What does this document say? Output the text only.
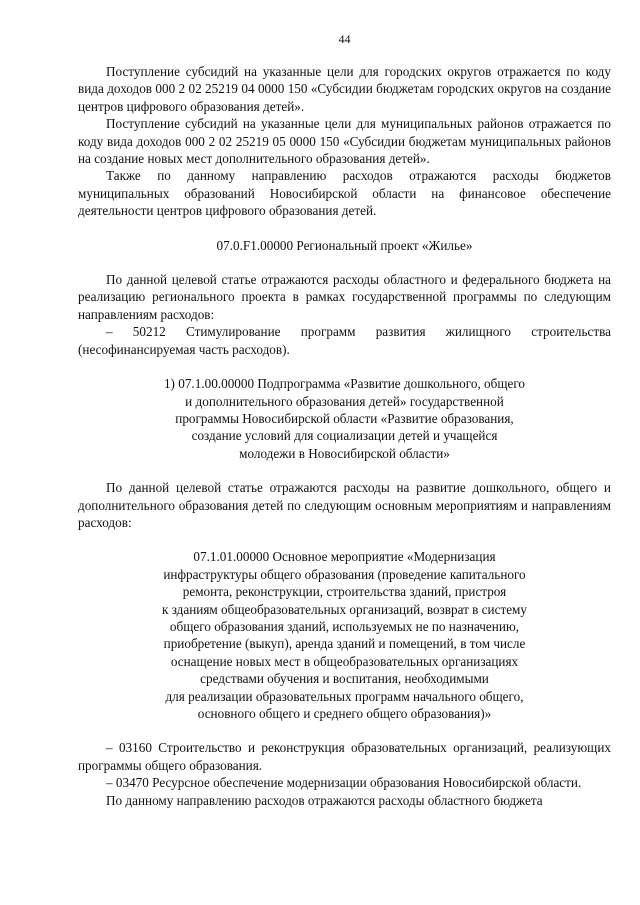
44

Поступление субсидий на указанные цели для городских округов отражается по коду вида доходов 000 2 02 25219 04 0000 150 «Субсидии бюджетам городских округов на создание центров цифрового образования детей».

Поступление субсидий на указанные цели для муниципальных районов отражается по коду вида доходов 000 2 02 25219 05 0000 150 «Субсидии бюджетам муниципальных районов на создание новых мест дополнительного образования детей».

Также по данному направлению расходов отражаются расходы бюджетов муниципальных образований Новосибирской области на финансовое обеспечение деятельности центров цифрового образования детей.

07.0.F1.00000 Региональный проект «Жилье»

По данной целевой статье отражаются расходы областного и федерального бюджета на реализацию регионального проекта в рамках государственной программы по следующим направлениям расходов:

– 50212 Стимулирование программ развития жилищного строительства (несофинансируемая часть расходов).

1) 07.1.00.00000 Подпрограмма «Развитие дошкольного, общего
и дополнительного образования детей» государственной
программы Новосибирской области «Развитие образования,
создание условий для социализации детей и учащейся
молодежи в Новосибирской области»

По данной целевой статье отражаются расходы на развитие дошкольного, общего и дополнительного образования детей по следующим основным мероприятиям и направлениям расходов:

07.1.01.00000 Основное мероприятие «Модернизация
инфраструктуры общего образования (проведение капитального
ремонта, реконструкции, строительства зданий, пристроя
к зданиям общеобразовательных организаций, возврат в систему
общего образования зданий, используемых не по назначению,
приобретение (выкуп), аренда зданий и помещений, в том числе
оснащение новых мест в общеобразовательных организациях
средствами обучения и воспитания, необходимыми
для реализации образовательных программ начального общего,
основного общего и среднего общего образования)»

– 03160 Строительство и реконструкция образовательных организаций, реализующих программы общего образования.

– 03470 Ресурсное обеспечение модернизации образования Новосибирской области.

По данному направлению расходов отражаются расходы областного бюджета
